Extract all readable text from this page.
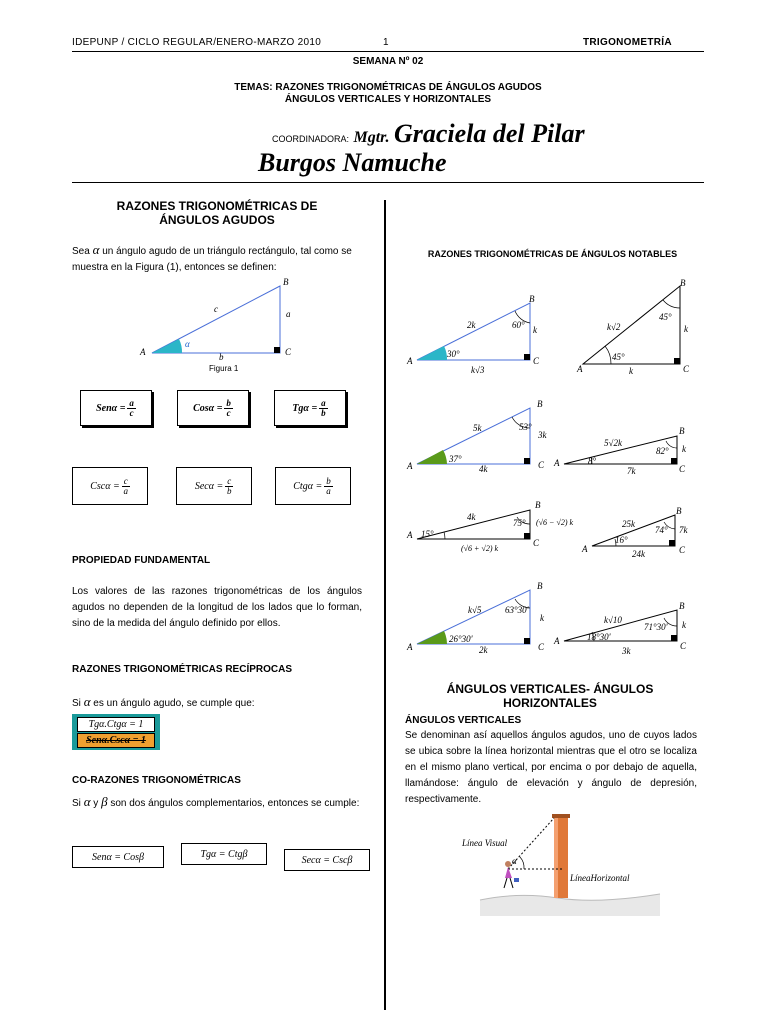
IDEPUNP / CICLO REGULAR/ENERO-MARZO 2010	1	TRIGONOMETRÍA
SEMANA Nº 02
TEMAS: RAZONES TRIGONOMÉTRICAS DE ÁNGULOS AGUDOS
ÁNGULOS VERTICALES Y HORIZONTALES
COORDINADORA: Mgtr. Graciela del Pilar
Burgos Namuche
RAZONES TRIGONOMÉTRICAS DE ÁNGULOS AGUDOS
Sea α un ángulo agudo de un triángulo rectángulo, tal como se muestra en la Figura (1), entonces se definen:
A
B
C
a
b
c
α
Figura 1
$Sen\alpha = \frac{a}{c}$	$Cos\alpha = \frac{b}{c}$	$Tg\alpha = \frac{a}{b}$
$Csc\alpha = \frac{c}{a}$	$Sec\alpha = \frac{c}{b}$	$Ctg\alpha = \frac{b}{a}$
PROPIEDAD FUNDAMENTAL
Los valores de las razones trigonométricas de los ángulos agudos no dependen de la longitud de los lados que lo forman, sino de la medida del ángulo definido por ellos.
RAZONES TRIGONOMÉTRICAS RECÍPROCAS
Si α es un ángulo agudo, se cumple que:
Tgα.Ctgα = 1
Senα.Cscα = 1
CO-RAZONES TRIGONOMÉTRICAS
Si α y β son dos ángulos complementarios, entonces se cumple:
Senα = Cosβ	Tgα = Ctgβ
Secα = Cscβ
RAZONES TRIGONOMÉTRICAS DE ÁNGULOS NOTABLES
A
B
C
2k	60° k
k√3
30°
A
B
C
k√2
45°
k
k
45°
A
B
C
5k	53°
3k
4k
37°	A
B
C
5√2k
82° k
7k
8°
A
B
C
4k
75° (√6 − √2) k
(√6 + √2) k
15°
A
B
C
25k
74° 7k
24k
16°
A
B
C
k√5	63°30'
k
2k
26°30'	A
B
C
k√10
71°30' k
3k
18°30'
ÁNGULOS VERTICALES- ÁNGULOS HORIZONTALES
ÁNGULOS VERTICALES
Se denominan así aquellos ángulos agudos, uno de cuyos lados se ubica sobre la línea horizontal mientras que el otro se localiza en el mismo plano vertical, por encima o por debajo de aquella, llamándose: ángulo de elevación y ángulo de depresión, respectivamente.
Línea Visual
α
LíneaHorizontal
